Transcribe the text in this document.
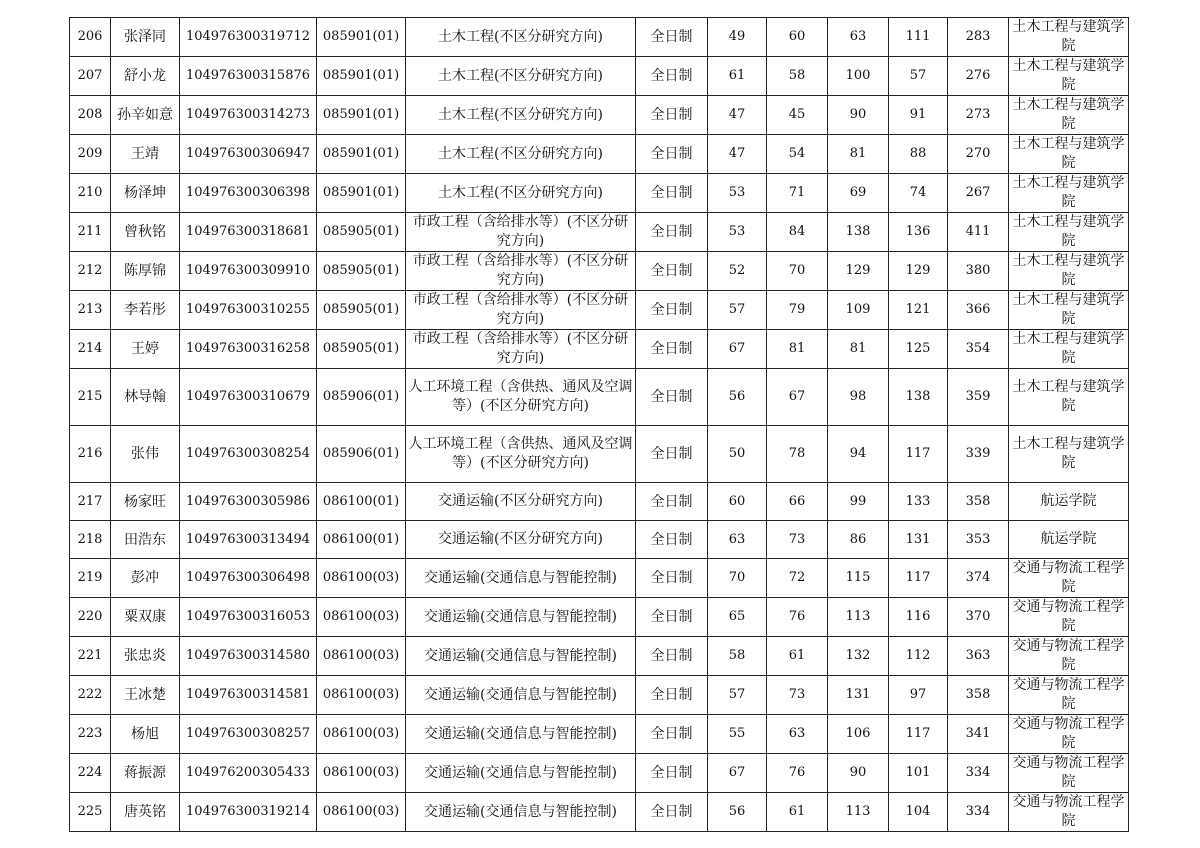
206	张泽同	104976300319712	085901(01)	土木工程(不区分研究方向)	全日制	49	60	63	111	283	土木工程与建筑学院
207	舒小龙	104976300315876	085901(01)	土木工程(不区分研究方向)	全日制	61	58	100	57	276	土木工程与建筑学院
208	孙辛如意	104976300314273	085901(01)	土木工程(不区分研究方向)	全日制	47	45	90	91	273	土木工程与建筑学院
209	王靖	104976300306947	085901(01)	土木工程(不区分研究方向)	全日制	47	54	81	88	270	土木工程与建筑学院
210	杨泽坤	104976300306398	085901(01)	土木工程(不区分研究方向)	全日制	53	71	69	74	267	土木工程与建筑学院
211	曾秋铭	104976300318681	085905(01)	市政工程（含给排水等）(不区分研究方向)	全日制	53	84	138	136	411	土木工程与建筑学院
212	陈厚锦	104976300309910	085905(01)	市政工程（含给排水等）(不区分研究方向)	全日制	52	70	129	129	380	土木工程与建筑学院
213	李若彤	104976300310255	085905(01)	市政工程（含给排水等）(不区分研究方向)	全日制	57	79	109	121	366	土木工程与建筑学院
214	王婷	104976300316258	085905(01)	市政工程（含给排水等）(不区分研究方向)	全日制	67	81	81	125	354	土木工程与建筑学院
215	林导翰	104976300310679	085906(01)	人工环境工程（含供热、通风及空调等）(不区分研究方向)	全日制	56	67	98	138	359	土木工程与建筑学院
216	张伟	104976300308254	085906(01)	人工环境工程（含供热、通风及空调等）(不区分研究方向)	全日制	50	78	94	117	339	土木工程与建筑学院
217	杨家旺	104976300305986	086100(01)	交通运输(不区分研究方向)	全日制	60	66	99	133	358	航运学院
218	田浩东	104976300313494	086100(01)	交通运输(不区分研究方向)	全日制	63	73	86	131	353	航运学院
219	彭冲	104976300306498	086100(03)	交通运输(交通信息与智能控制)	全日制	70	72	115	117	374	交通与物流工程学院
220	粟双康	104976300316053	086100(03)	交通运输(交通信息与智能控制)	全日制	65	76	113	116	370	交通与物流工程学院
221	张忠炎	104976300314580	086100(03)	交通运输(交通信息与智能控制)	全日制	58	61	132	112	363	交通与物流工程学院
222	王冰楚	104976300314581	086100(03)	交通运输(交通信息与智能控制)	全日制	57	73	131	97	358	交通与物流工程学院
223	杨旭	104976300308257	086100(03)	交通运输(交通信息与智能控制)	全日制	55	63	106	117	341	交通与物流工程学院
224	蒋振源	104976200305433	086100(03)	交通运输(交通信息与智能控制)	全日制	67	76	90	101	334	交通与物流工程学院
225	唐英铭	104976300319214	086100(03)	交通运输(交通信息与智能控制)	全日制	56	61	113	104	334	交通与物流工程学院
